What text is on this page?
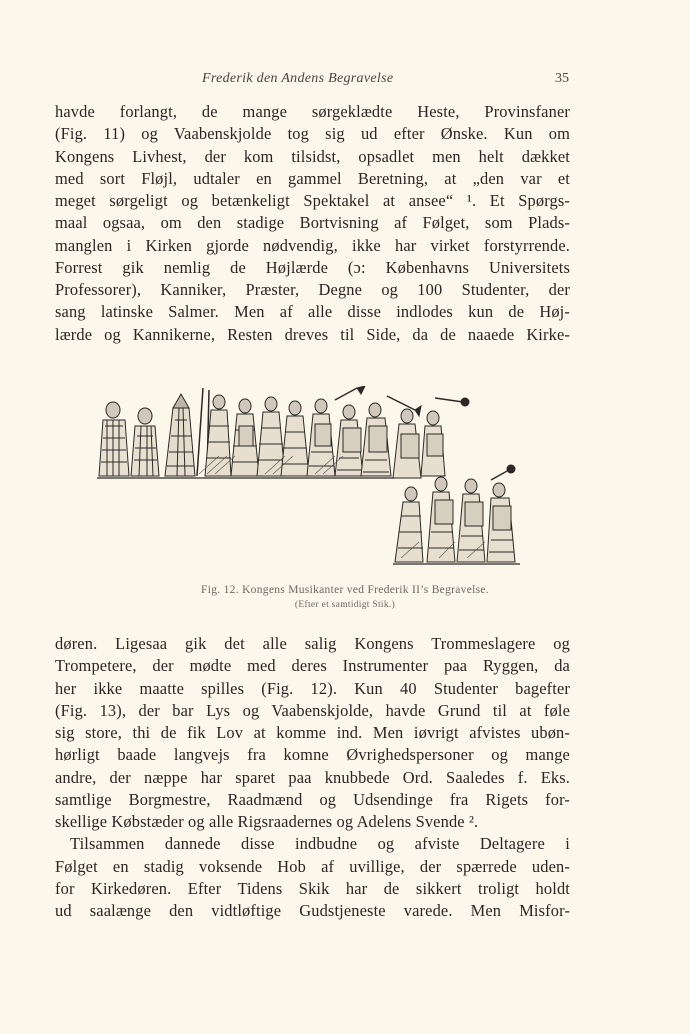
Frederik den Andens Begravelse	35

havde forlangt, de mange sørgeklædte Heste, Provinsfaner
(Fig. 11) og Vaabenskjolde tog sig ud efter Ønske. Kun om
Kongens Livhest, der kom tilsidst, opsadlet men helt dækket
med sort Fløjl, udtaler en gammel Beretning, at „den var et
meget sørgeligt og betænkeligt Spektakel at ansee“ ¹. Et Spørgs-
maal ogsaa, om den stadige Bortvisning af Følget, som Plads-
manglen i Kirken gjorde nødvendig, ikke har virket forstyrrende.
Forrest gik nemlig de Højlærde (ɔ: Københavns Universitets
Professorer), Kanniker, Præster, Degne og 100 Studenter, der
sang latinske Salmer. Men af alle disse indlodes kun de Høj-
lærde og Kannikerne, Resten dreves til Side, da de naaede Kirke-

Fig. 12. Kongens Musikanter ved Frederik II’s Begravelse.
(Efter et samtidigt Stik.)

døren. Ligesaa gik det alle salig Kongens Trommeslagere og
Trompetere, der mødte med deres Instrumenter paa Ryggen, da
her ikke maatte spilles (Fig. 12). Kun 40 Studenter bagefter
(Fig. 13), der bar Lys og Vaabenskjolde, havde Grund til at føle
sig store, thi de fik Lov at komme ind. Men iøvrigt afvistes ubøn-
hørligt baade langvejs fra komne Øvrighedspersoner og mange
andre, der næppe har sparet paa knubbede Ord. Saaledes f. Eks.
samtlige Borgmestre, Raadmænd og Udsendinge fra Rigets for-
skellige Købstæder og alle Rigsraadernes og Adelens Svende ².
Tilsammen dannede disse indbudne og afviste Deltagere i
Følget en stadig voksende Hob af uvillige, der spærrede uden-
for Kirkedøren. Efter Tidens Skik har de sikkert troligt holdt
ud saalænge den vidtløftige Gudstjeneste varede. Men Misfor-
